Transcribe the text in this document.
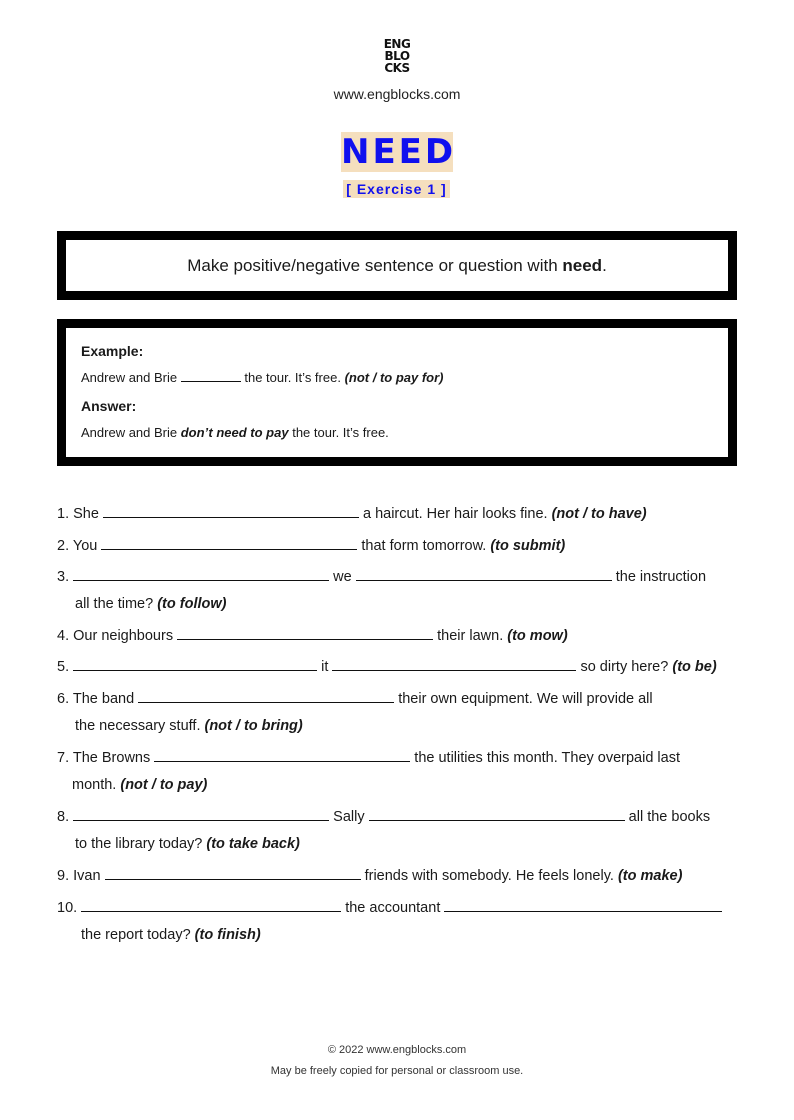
ENG
BLO
CKS
www.engblocks.com
NEED
[ Exercise 1 ]
Make positive/negative sentence or question with need.

Example:

Andrew and Brie	the tour. It’s free. (not / to pay for)

Answer:

Andrew and Brie don’t need to pay the tour. It’s free.

1. She	a haircut. Her hair looks fine. (not / to have)
2. You	that form tomorrow. (to submit)
3.	we	the instruction
all the time? (to follow)
4. Our neighbours	their lawn. (to mow)
5.	it	so dirty here? (to be)
6. The band	their own equipment. We will provide all
the necessary stuff. (not / to bring)
7. The Browns	the utilities this month. They overpaid last
month. (not / to pay)
8.	Sally	all the books
to the library today? (to take back)
9. Ivan	friends with somebody. He feels lonely. (to make)
10.	the accountant
the report today? (to finish)
© 2022 www.engblocks.com
May be freely copied for personal or classroom use.
